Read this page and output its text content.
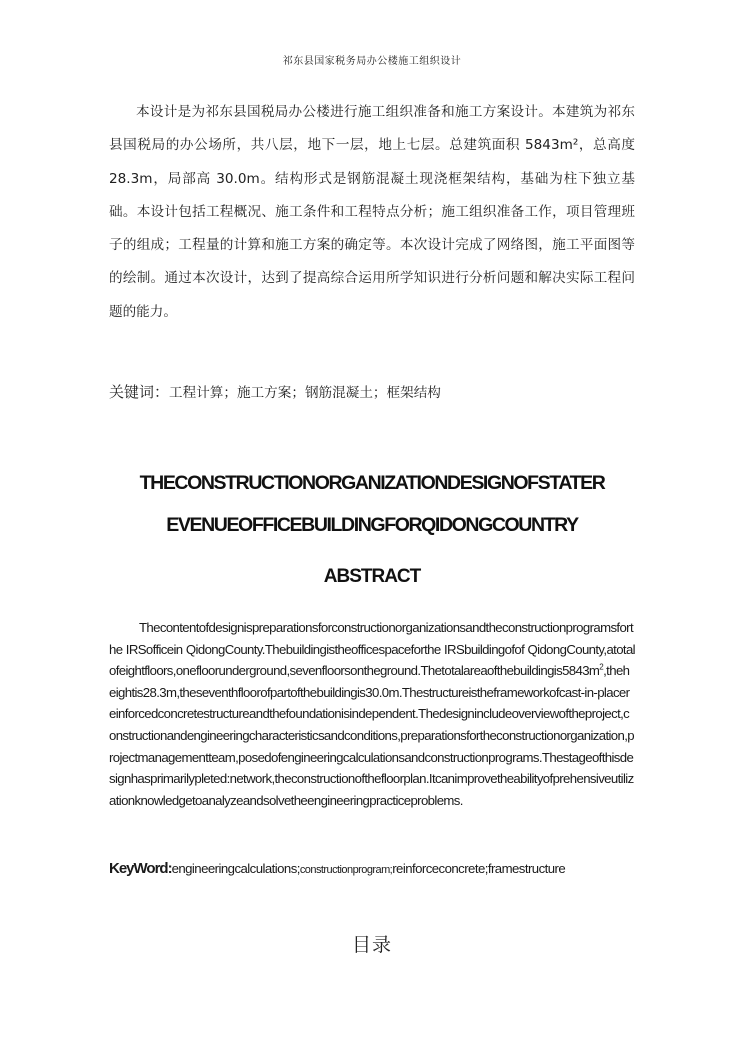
祁东县国家税务局办公楼施工组织设计

本设计是为祁东县国税局办公楼进行施工组织准备和施工方案设计。本建筑为祁东县国税局的办公场所，共八层，地下一层，地上七层。总建筑面积 5843m²，总高度 28.3m，局部高 30.0m。结构形式是钢筋混凝土现浇框架结构，基础为柱下独立基础。本设计包括工程概况、施工条件和工程特点分析；施工组织准备工作，项目管理班子的组成；工程量的计算和施工方案的确定等。本次设计完成了网络图，施工平面图等的绘制。通过本次设计，达到了提高综合运用所学知识进行分析问题和解决实际工程问题的能力。

关键词：工程计算；施工方案；钢筋混凝土；框架结构
THECONSTRUCTIONORGANIZATIONDESIGNOFSTATER
EVENUEOFFICEBUILDINGFORQIDONGCOUNTRY
ABSTRACT

Thecontentofdesignispreparationsforconstructionorganizationsandtheconstructionprogramsforthe IRSofficein QidongCounty.Thebuildingistheofficespaceforthe IRSbuildingofof $QidongCounty,atotalofeightfloors,onefloorunderground,sevenfloorsontheground.Thetotalareaofthebuildingis5843m^2,theheighti$s28.3m,theseventhfloorofpartofthebuildingis30.0m.Thestructureistheframeworkofcast-in-placereinforcedconcretestructureandthefoundationisindependent.Thedesignincludeoverviewoftheproject,constructionandengineeringcharacteristicsandconditions,preparationsfortheconstructionorganization,projectmanagementteam,posedofengineeringcalculationsandconstructionprograms.Thestageofthisdesignhasprimarilypleted:network,theconstructionofthefloorplan.Itcanimprovetheabilityofprehensiveutilizationknowledgetoanalyzeandsolvetheengineeringpracticeproblems.

KeyWord:engineeringcalculations;constructionprogram;reinforceconcrete;framestructure

目录
